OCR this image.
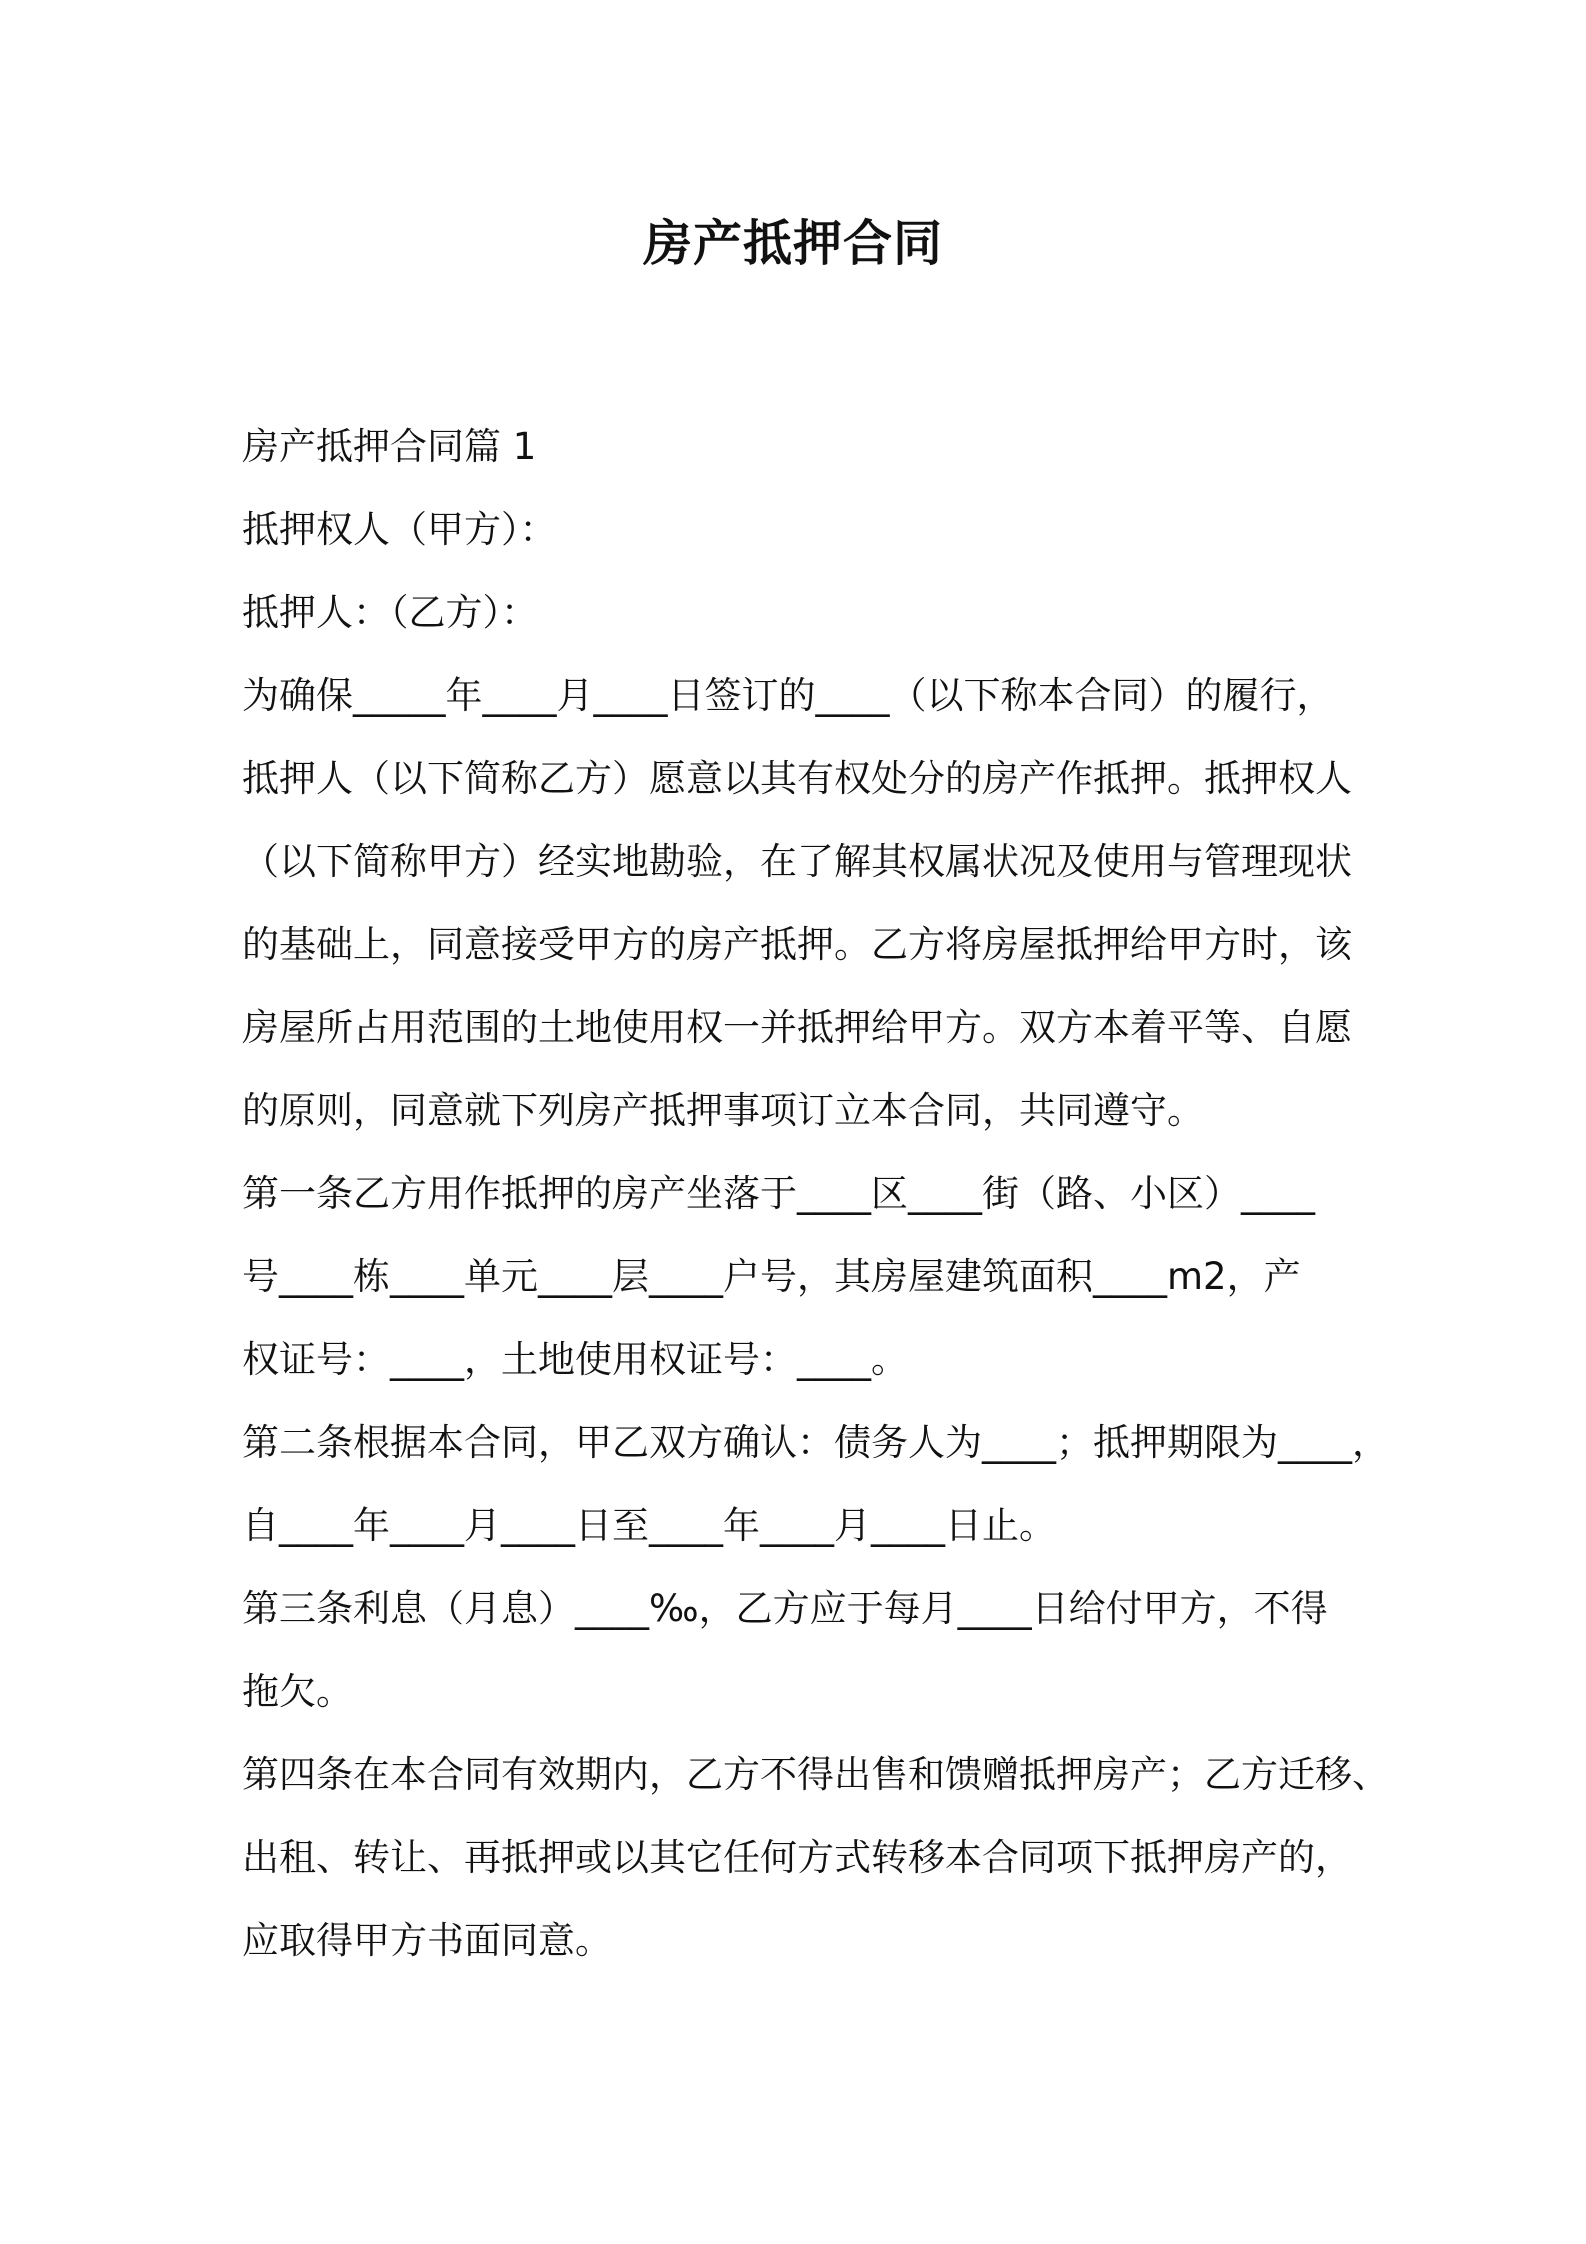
房产抵押合同
房产抵押合同篇 1
抵押权人（甲方）：
抵押人：（乙方）：
为确保_____年____月____日签订的____（以下称本合同）的履行，
抵押人（以下简称乙方）愿意以其有权处分的房产作抵押。抵押权人
（以下简称甲方）经实地勘验，在了解其权属状况及使用与管理现状
的基础上，同意接受甲方的房产抵押。乙方将房屋抵押给甲方时，该
房屋所占用范围的土地使用权一并抵押给甲方。双方本着平等、自愿
的原则，同意就下列房产抵押事项订立本合同，共同遵守。
第一条乙方用作抵押的房产坐落于____区____街（路、小区）____
号____栋____单元____层____户号，其房屋建筑面积____m2，产
权证号：____，土地使用权证号：____。
第二条根据本合同，甲乙双方确认：债务人为____；抵押期限为____，
自____年____月____日至____年____月____日止。
第三条利息（月息）____‰，乙方应于每月____日给付甲方，不得
拖欠。
第四条在本合同有效期内，乙方不得出售和馈赠抵押房产；乙方迁移、
出租、转让、再抵押或以其它任何方式转移本合同项下抵押房产的，
应取得甲方书面同意。
